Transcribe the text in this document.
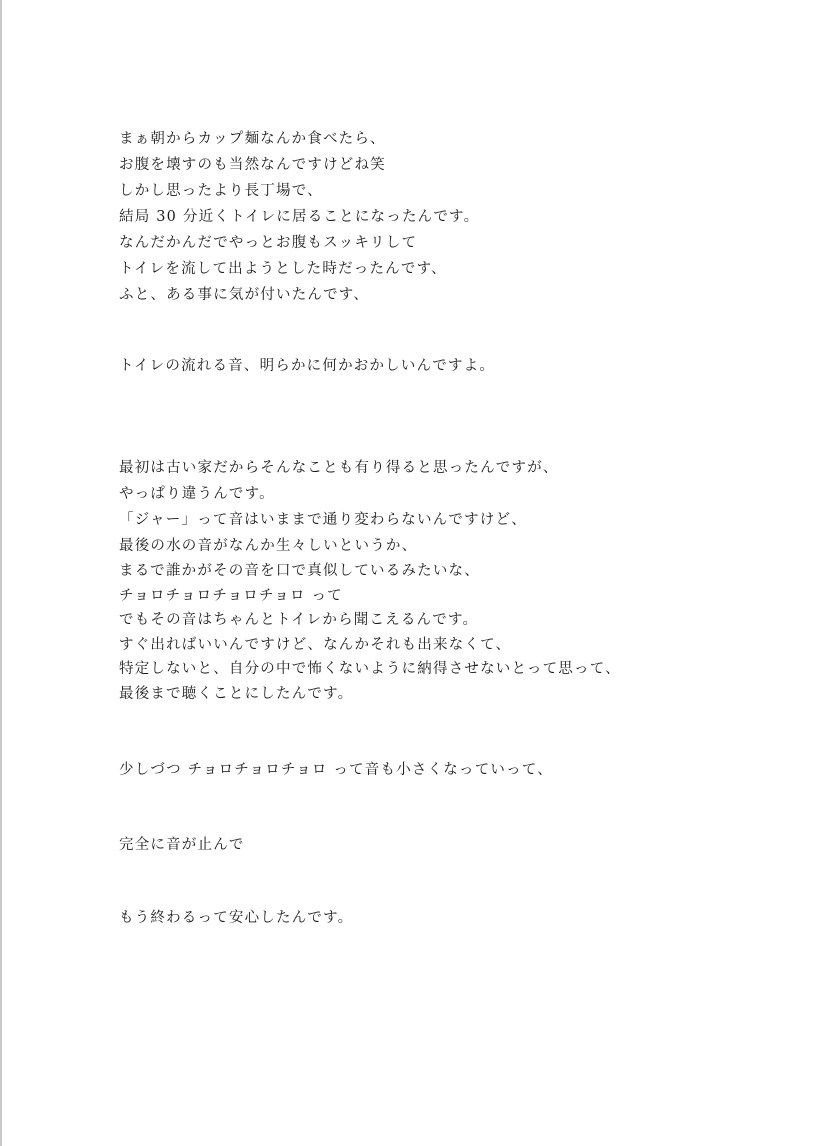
まぁ朝からカップ麺なんか食べたら、
お腹を壊すのも当然なんですけどね笑
しかし思ったより長丁場で、
結局 30 分近くトイレに居ることになったんです。
なんだかんだでやっとお腹もスッキリして
トイレを流して出ようとした時だったんです、
ふと、ある事に気が付いたんです、
トイレの流れる音、明らかに何かおかしいんですよ。
最初は古い家だからそんなことも有り得ると思ったんですが、
やっぱり違うんです。
「ジャー」って音はいままで通り変わらないんですけど、
最後の水の音がなんか生々しいというか、
まるで誰かがその音を口で真似しているみたいな、
チョロチョロチョロチョロ って
でもその音はちゃんとトイレから聞こえるんです。
すぐ出ればいいんですけど、なんかそれも出来なくて、
特定しないと、自分の中で怖くないように納得させないとって思って、
最後まで聴くことにしたんです。
少しづつ チョロチョロチョロ って音も小さくなっていって、
完全に音が止んで
もう終わるって安心したんです。
